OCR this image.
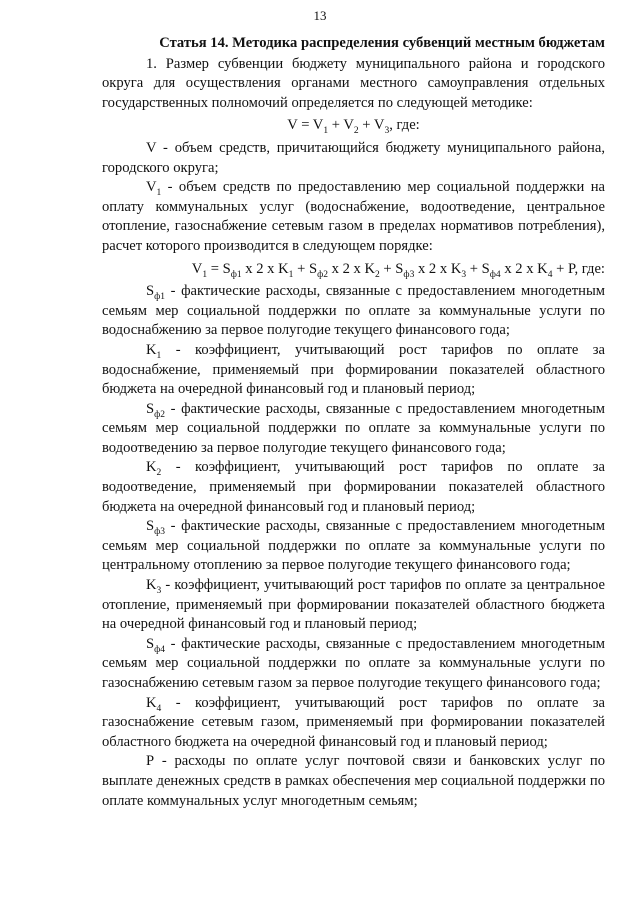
13

Статья 14. Методика распределения субвенций местным бюджетам

1. Размер субвенции бюджету муниципального района и городского округа для осуществления органами местного самоуправления отдельных государственных полномочий определяется по следующей методике:

$V = V_1 + V_2 + V_3$, где:

V - объем средств, причитающийся бюджету муниципального района, городского округа;

$V_1$ - объем средств по предоставлению мер социальной поддержки на оплату коммунальных услуг (водоснабжение, водоотведение, центральное отопление, газоснабжение сетевым газом в пределах нормативов потребления), расчет которого производится в следующем порядке:

$V_1 = S_{ф1}$ x 2 x $K_1 + S_{ф2}$ x 2 x $K_2 + S_{ф3}$ x 2 x $K_3 + S_{ф4}$ x 2 x $K_4 + P$, где:

$S_{ф1}$ - фактические расходы, связанные с предоставлением многодетным семьям мер социальной поддержки по оплате за коммунальные услуги по водоснабжению за первое полугодие текущего финансового года;

$K_1$ - коэффициент, учитывающий рост тарифов по оплате за водоснабжение, применяемый при формировании показателей областного бюджета на очередной финансовый год и плановый период;

$S_{ф2}$ - фактические расходы, связанные с предоставлением многодетным семьям мер социальной поддержки по оплате за коммунальные услуги по водоотведению за первое полугодие текущего финансового года;

$K_2$ - коэффициент, учитывающий рост тарифов по оплате за водоотведение, применяемый при формировании показателей областного бюджета на очередной финансовый год и плановый период;

$S_{ф3}$ - фактические расходы, связанные с предоставлением многодетным семьям мер социальной поддержки по оплате за коммунальные услуги по центральному отоплению за первое полугодие текущего финансового года;

$K_3$ - коэффициент, учитывающий рост тарифов по оплате за центральное отопление, применяемый при формировании показателей областного бюджета на очередной финансовый год и плановый период;

$S_{ф4}$ - фактические расходы, связанные с предоставлением многодетным семьям мер социальной поддержки по оплате за коммунальные услуги по газоснабжению сетевым газом за первое полугодие текущего финансового года;

$K_4$ - коэффициент, учитывающий рост тарифов по оплате за газоснабжение сетевым газом, применяемый при формировании показателей областного бюджета на очередной финансовый год и плановый период;

P - расходы по оплате услуг почтовой связи и банковских услуг по выплате денежных средств в рамках обеспечения мер социальной поддержки по оплате коммунальных услуг многодетным семьям;
